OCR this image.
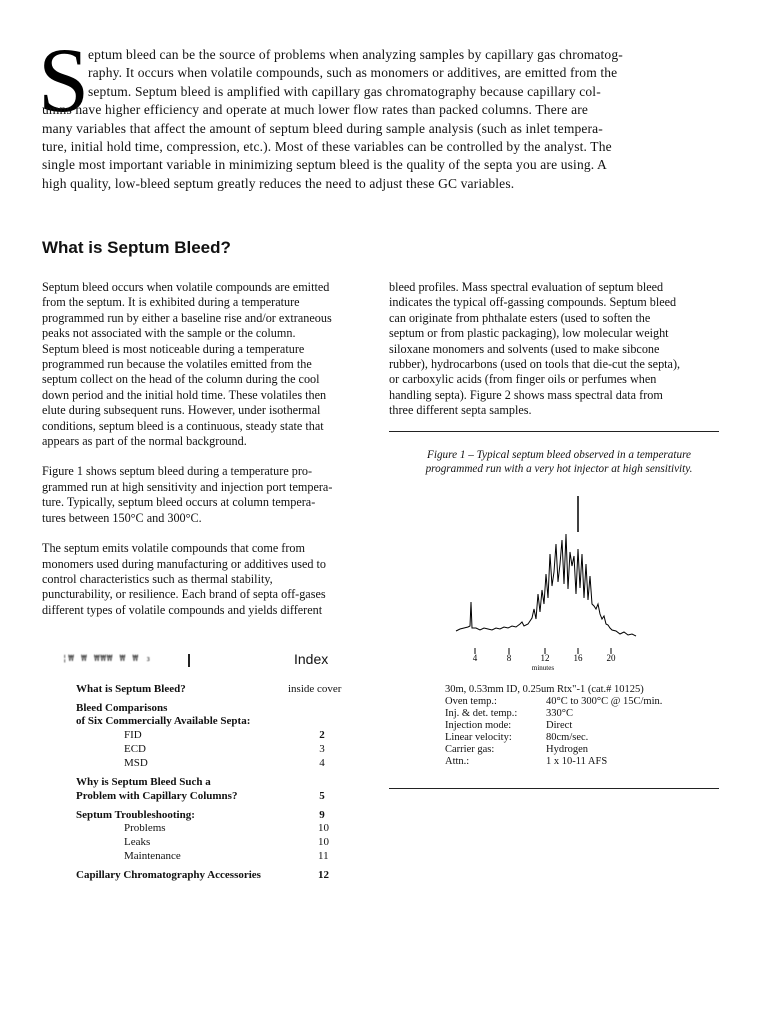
S
eptum bleed can be the source of problems when analyzing samples by capillary gas chromatog-
raphy. It occurs when volatile compounds, such as monomers or additives, are emitted from the
septum. Septum bleed is amplified with capillary gas chromatography because capillary col-
umns have higher efficiency and operate at much lower flow rates than packed columns. There are
many variables that affect the amount of septum bleed during sample analysis (such as inlet tempera-
ture, initial hold time, compression, etc.). Most of these variables can be controlled by the analyst. The
single most important variable in minimizing septum bleed is the quality of the septa you are using. A
high quality, low-bleed septum greatly reduces the need to adjust these GC variables.
What is Septum Bleed?

Septum bleed occurs when volatile compounds are emitted
from the septum. It is exhibited during a temperature
programmed run by either a baseline rise and/or extraneous
peaks not associated with the sample or the column.
Septum bleed is most noticeable during a temperature
programmed run because the volatiles emitted from the
septum collect on the head of the column during the cool
down period and the initial hold time. These volatiles then
elute during subsequent runs. However, under isothermal
conditions, septum bleed is a continuous, steady state that
appears as part of the normal background.

Figure 1 shows septum bleed during a temperature pro-
grammed run at high sensitivity and injection port tempera-
ture. Typically, septum bleed occurs at column tempera-
tures between 150°C and 300°C.

The septum emits volatile compounds that come from
monomers used during manufacturing or additives used to
control characteristics such as thermal stability,
puncturability, or resilience. Each brand of septa off-gases
different types of volatile compounds and yields different

bleed profiles. Mass spectral evaluation of septum bleed
indicates the typical off-gassing compounds. Septum bleed
can originate from phthalate esters (used to soften the
septum or from plastic packaging), low molecular weight
siloxane monomers and solvents (used to make sibcone
rubber), hydrocarbons (used on tools that die-cut the septa),
or carboxylic acids (from finger oils or perfumes when
handling septa). Figure 2 shows mass spectral data from
three different septa samples.

Figure 1 – Typical septum bleed observed in a temperature
programmed run with a very hot injector at high sensitivity.
4	8	12	16	20
minutes
30m, 0.53mm ID, 0.25um Rtx"-1 (cat.# 10125)
Oven temp.:	40°C to 300°C @ 15C/min.
Inj. & det. temp.:	330°C
Injection mode:	Direct
Linear velocity:	80cm/sec.
Carrier gas:	Hydrogen
Attn.:	1 x 10-11 AFS
¦₩ ₩ ₩₩₩ ₩ ₩ ₃	Index
What is Septum Bleed?	inside cover
Bleed Comparisons
of Six Commercially Available Septa:
FID	2
ECD	3
MSD	4
Why is Septum Bleed Such a
Problem with Capillary Columns?	5
Septum Troubleshooting:	9
Problems	10
Leaks	10
Maintenance	11
Capillary Chromatography Accessories	12
